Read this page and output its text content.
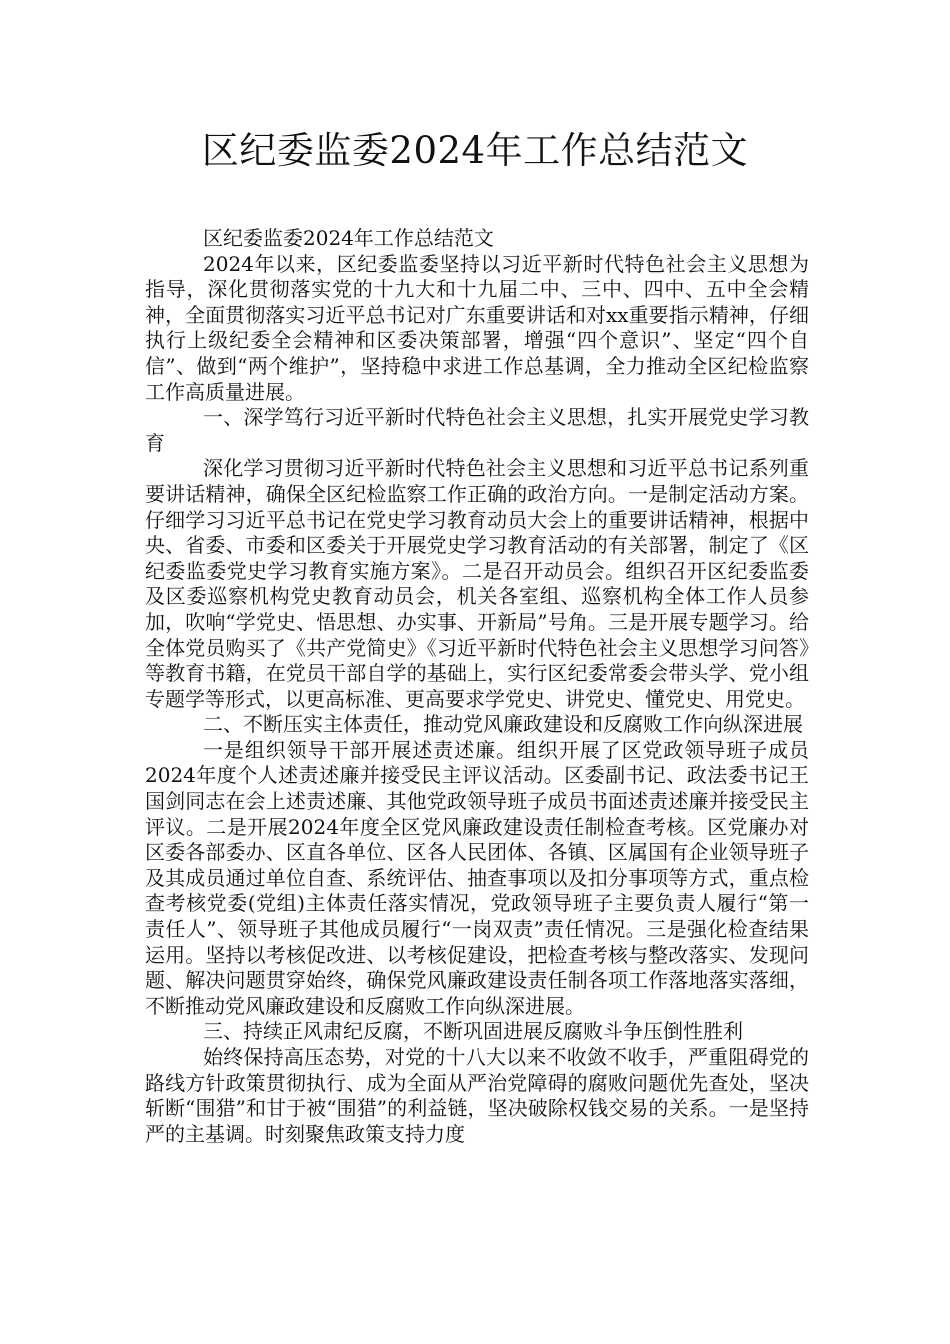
区纪委监委2024年工作总结范文

区纪委监委2024年工作总结范文

2024年以来，区纪委监委坚持以习近平新时代特色社会主义思想为指导，深化贯彻落实党的十九大和十九届二中、三中、四中、五中全会精神，全面贯彻落实习近平总书记对广东重要讲话和对xx重要指示精神，仔细执行上级纪委全会精神和区委决策部署，增强“四个意识”、坚定“四个自信”、做到“两个维护”，坚持稳中求进工作总基调，全力推动全区纪检监察工作高质量进展。

一、深学笃行习近平新时代特色社会主义思想，扎实开展党史学习教育

深化学习贯彻习近平新时代特色社会主义思想和习近平总书记系列重要讲话精神，确保全区纪检监察工作正确的政治方向。一是制定活动方案。仔细学习习近平总书记在党史学习教育动员大会上的重要讲话精神，根据中央、省委、市委和区委关于开展党史学习教育活动的有关部署，制定了《区纪委监委党史学习教育实施方案》。二是召开动员会。组织召开区纪委监委及区委巡察机构党史教育动员会，机关各室组、巡察机构全体工作人员参加，吹响“学党史、悟思想、办实事、开新局”号角。三是开展专题学习。给全体党员购买了《共产党简史》《习近平新时代特色社会主义思想学习问答》等教育书籍，在党员干部自学的基础上，实行区纪委常委会带头学、党小组专题学等形式，以更高标准、更高要求学党史、讲党史、懂党史、用党史。

二、不断压实主体责任，推动党风廉政建设和反腐败工作向纵深进展

一是组织领导干部开展述责述廉。组织开展了区党政领导班子成员2024年度个人述责述廉并接受民主评议活动。区委副书记、政法委书记王国剑同志在会上述责述廉、其他党政领导班子成员书面述责述廉并接受民主评议。二是开展2024年度全区党风廉政建设责任制检查考核。区党廉办对区委各部委办、区直各单位、区各人民团体、各镇、区属国有企业领导班子及其成员通过单位自查、系统评估、抽查事项以及扣分事项等方式，重点检查考核党委(党组)主体责任落实情况，党政领导班子主要负责人履行“第一责任人”、领导班子其他成员履行“一岗双责”责任情况。三是强化检查结果运用。坚持以考核促改进、以考核促建设，把检查考核与整改落实、发现问题、解决问题贯穿始终，确保党风廉政建设责任制各项工作落地落实落细，不断推动党风廉政建设和反腐败工作向纵深进展。

三、持续正风肃纪反腐，不断巩固进展反腐败斗争压倒性胜利

始终保持高压态势，对党的十八大以来不收敛不收手，严重阻碍党的路线方针政策贯彻执行、成为全面从严治党障碍的腐败问题优先查处，坚决斩断“围猎”和甘于被“围猎”的利益链，坚决破除权钱交易的关系。一是坚持严的主基调。时刻聚焦政策支持力度
